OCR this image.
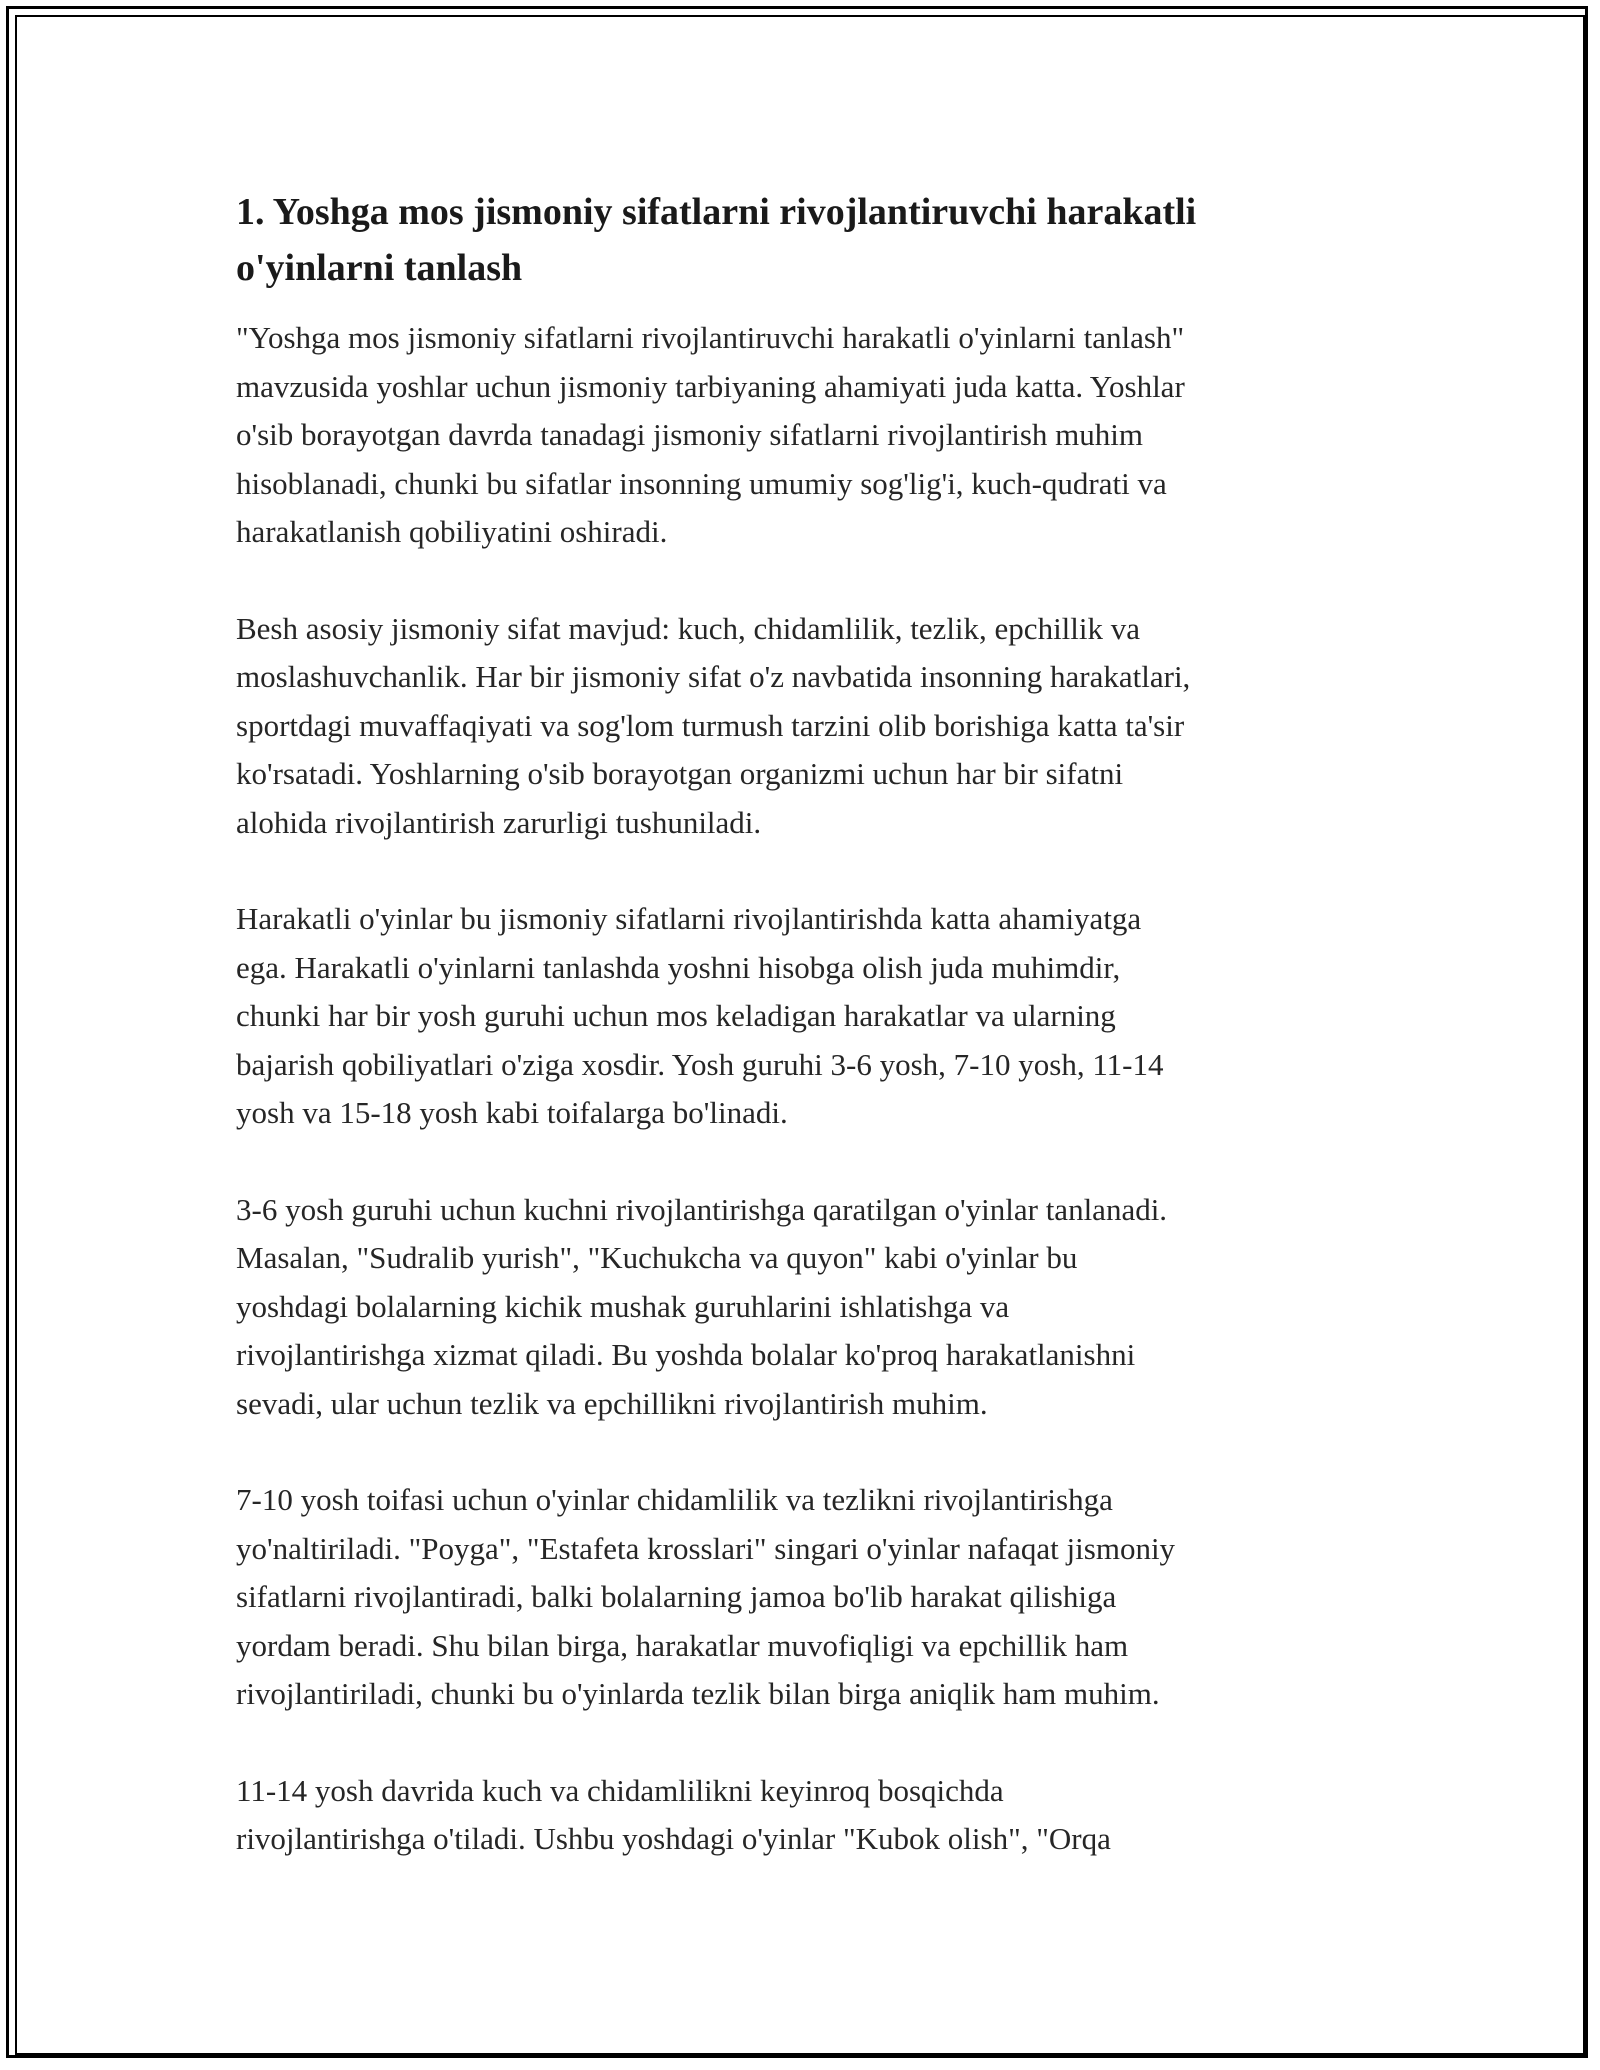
1. Yoshga mos jismoniy sifatlarni rivojlantiruvchi harakatli
o'yinlarni tanlash

"Yoshga mos jismoniy sifatlarni rivojlantiruvchi harakatli o'yinlarni tanlash"
mavzusida yoshlar uchun jismoniy tarbiyaning ahamiyati juda katta. Yoshlar
o'sib borayotgan davrda tanadagi jismoniy sifatlarni rivojlantirish muhim
hisoblanadi, chunki bu sifatlar insonning umumiy sog'lig'i, kuch-qudrati va
harakatlanish qobiliyatini oshiradi.

Besh asosiy jismoniy sifat mavjud: kuch, chidamlilik, tezlik, epchillik va
moslashuvchanlik. Har bir jismoniy sifat o'z navbatida insonning harakatlari,
sportdagi muvaffaqiyati va sog'lom turmush tarzini olib borishiga katta ta'sir
ko'rsatadi. Yoshlarning o'sib borayotgan organizmi uchun har bir sifatni
alohida rivojlantirish zarurligi tushuniladi.

Harakatli o'yinlar bu jismoniy sifatlarni rivojlantirishda katta ahamiyatga
ega. Harakatli o'yinlarni tanlashda yoshni hisobga olish juda muhimdir,
chunki har bir yosh guruhi uchun mos keladigan harakatlar va ularning
bajarish qobiliyatlari o'ziga xosdir. Yosh guruhi 3-6 yosh, 7-10 yosh, 11-14
yosh va 15-18 yosh kabi toifalarga bo'linadi.

3-6 yosh guruhi uchun kuchni rivojlantirishga qaratilgan o'yinlar tanlanadi.
Masalan, "Sudralib yurish", "Kuchukcha va quyon" kabi o'yinlar bu
yoshdagi bolalarning kichik mushak guruhlarini ishlatishga va
rivojlantirishga xizmat qiladi. Bu yoshda bolalar ko'proq harakatlanishni
sevadi, ular uchun tezlik va epchillikni rivojlantirish muhim.

7-10 yosh toifasi uchun o'yinlar chidamlilik va tezlikni rivojlantirishga
yo'naltiriladi. "Poyga", "Estafeta krosslari" singari o'yinlar nafaqat jismoniy
sifatlarni rivojlantiradi, balki bolalarning jamoa bo'lib harakat qilishiga
yordam beradi. Shu bilan birga, harakatlar muvofiqligi va epchillik ham
rivojlantiriladi, chunki bu o'yinlarda tezlik bilan birga aniqlik ham muhim.

11-14 yosh davrida kuch va chidamlilikni keyinroq bosqichda
rivojlantirishga o'tiladi. Ushbu yoshdagi o'yinlar "Kubok olish", "Orqa
